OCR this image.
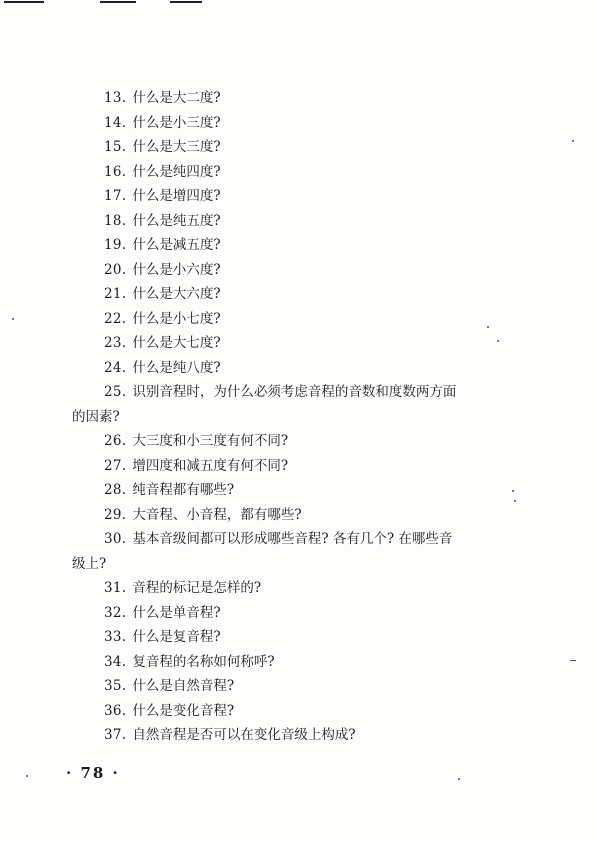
13. 什么是大二度?
14. 什么是小三度?
15. 什么是大三度?
16. 什么是纯四度?
17. 什么是增四度?
18. 什么是纯五度?
19. 什么是减五度?
20. 什么是小六度?
21. 什么是大六度?
22. 什么是小七度?
23. 什么是大七度?
24. 什么是纯八度?
25. 识别音程时，为什么必须考虑音程的音数和度数两方面
的因素?
26. 大三度和小三度有何不同?
27. 增四度和减五度有何不同?
28. 纯音程都有哪些?
29. 大音程、小音程，都有哪些?
30. 基本音级间都可以形成哪些音程? 各有几个? 在哪些音
级上?
31. 音程的标记是怎样的?
32. 什么是单音程?
33. 什么是复音程?
34. 复音程的名称如何称呼?
35. 什么是自然音程?
36. 什么是变化音程?
37. 自然音程是否可以在变化音级上构成?
· 78 ·
